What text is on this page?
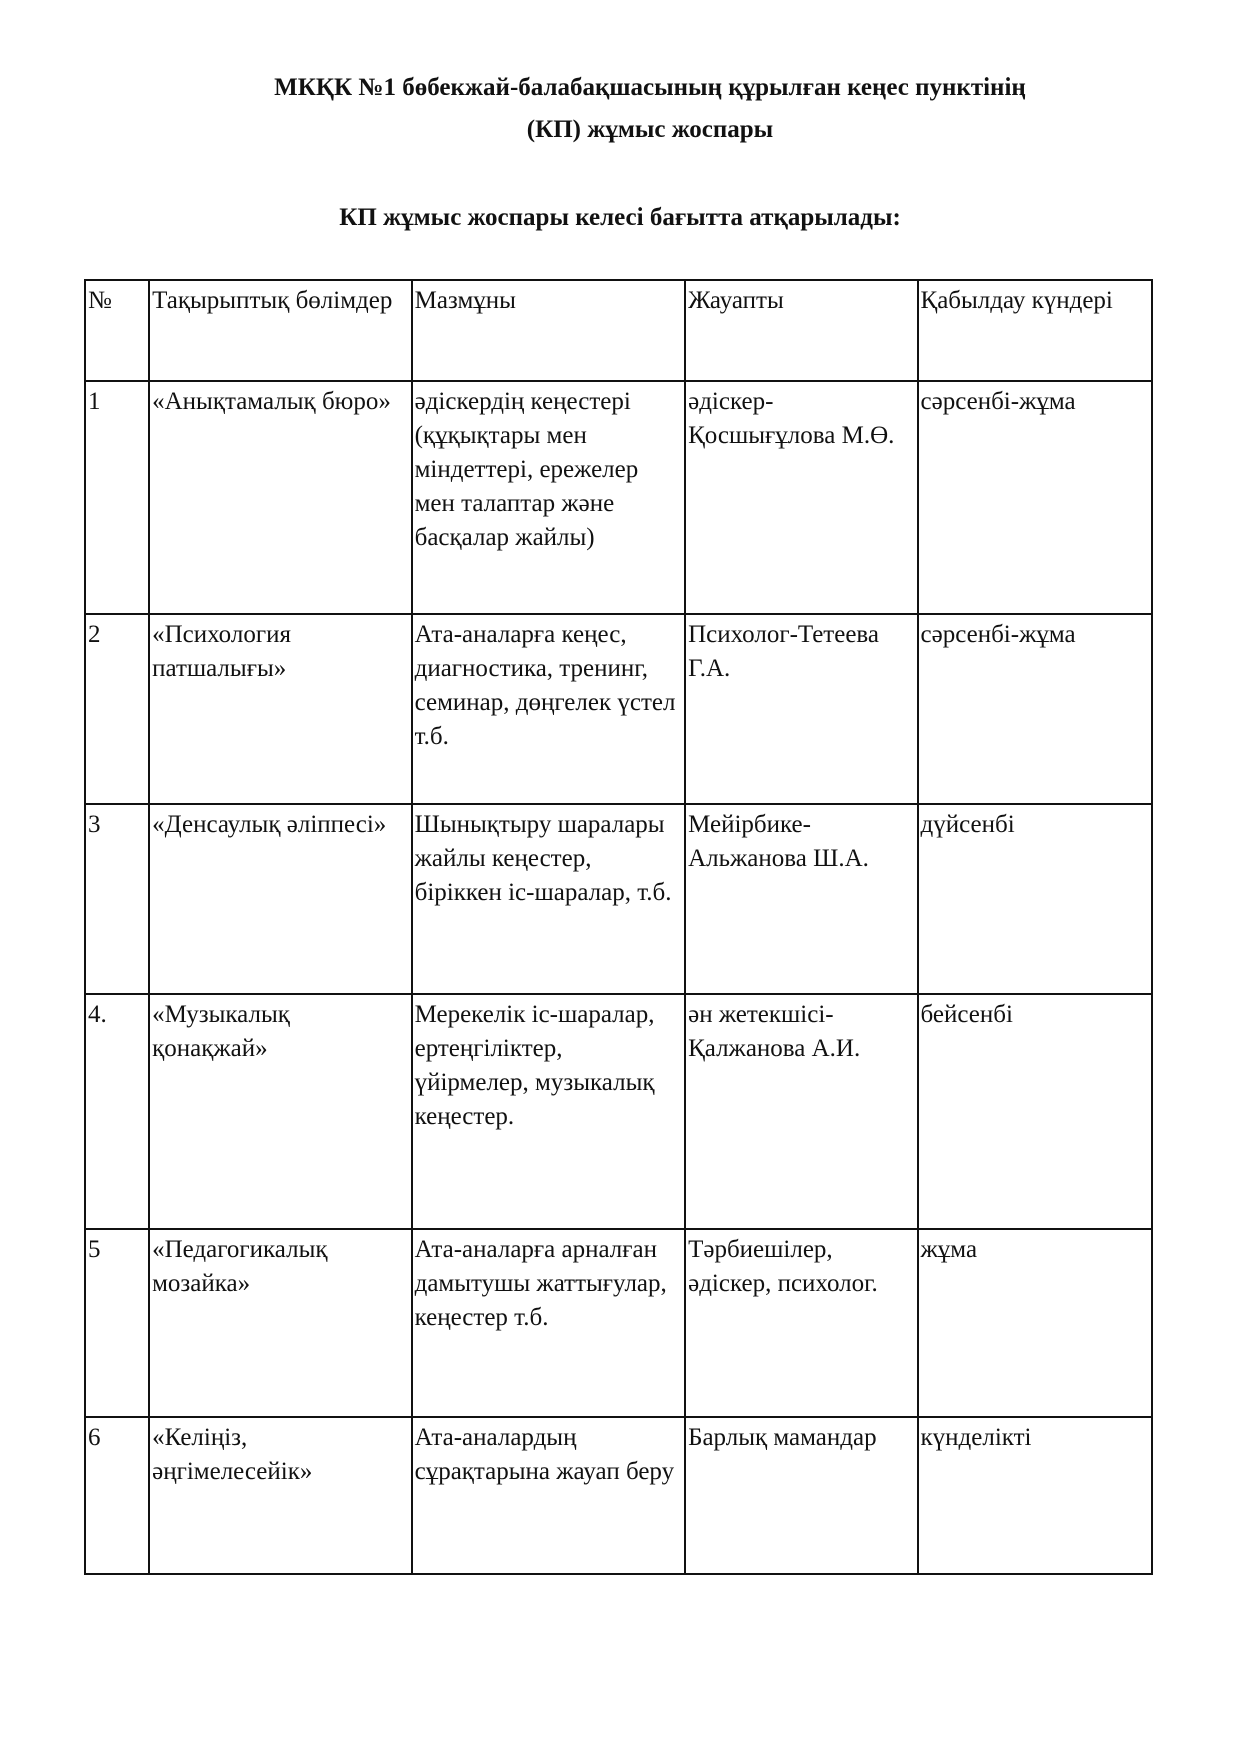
МКҚК №1 бөбекжай-балабақшасының құрылған кеңес пунктінің
(КП) жұмыс жоспары
КП жұмыс жоспары келесі бағытта атқарылады:
№	Тақырыптық бөлімдер	Мазмұны	Жауапты	Қабылдау күндері
1	«Анықтамалық бюро»	әдіскердің кеңестері (құқықтары мен міндеттері, ережелер мен талаптар және басқалар жайлы)	әдіскер-Қосшығұлова М.Ө.	сәрсенбі-жұма
2	«Психология патшалығы»	Ата-аналарға кеңес, диагностика, тренинг, семинар, дөңгелек үстел т.б.	Психолог-Тетеева Г.А.	сәрсенбі-жұма
3	«Денсаулық әліппесі»	Шынықтыру шаралары жайлы кеңестер, біріккен іс-шаралар, т.б.	Мейірбике-Альжанова Ш.А.	дүйсенбі
4.	«Музыкалық қонақжай»	Мерекелік іс-шаралар, ертеңгіліктер, үйірмелер, музыкалық кеңестер.	ән жетекшісі-Қалжанова А.И.	бейсенбі
5	«Педагогикалық мозайка»	Ата-аналарға арналған дамытушы жаттығулар, кеңестер т.б.	Тәрбиешілер, әдіскер, психолог.	жұма
6	«Келіңіз, әңгімелесейік»	Ата-аналардың сұрақтарына жауап беру	Барлық мамандар	күнделікті
